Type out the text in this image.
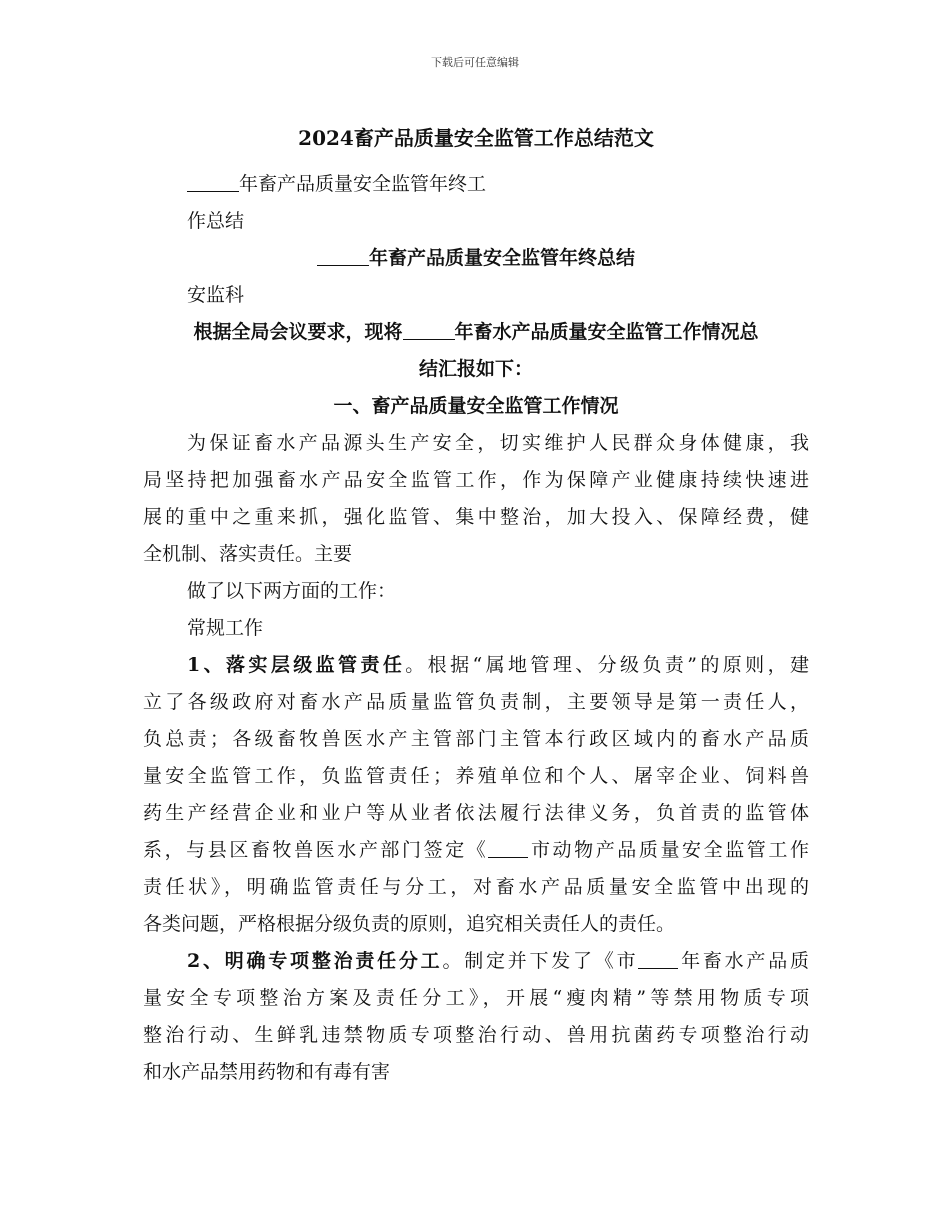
下载后可任意编辑
2024畜产品质量安全监管工作总结范文
年畜产品质量安全监管年终工
作总结
年畜产品质量安全监管年终总结
安监科
根据全局会议要求，现将	年畜水产品质量安全监管工作情况总
结汇报如下：
一、畜产品质量安全监管工作情况
为保证畜水产品源头生产安全，切实维护人民群众身体健康，我
局坚持把加强畜水产品安全监管工作，作为保障产业健康持续快速进
展的重中之重来抓，强化监管、集中整治，加大投入、保障经费，健
全机制、落实责任。主要
做了以下两方面的工作：
常规工作
1、落实层级监管责任。根据“属地管理、分级负责”的原则，建
立了各级政府对畜水产品质量监管负责制，主要领导是第一责任人，
负总责；各级畜牧兽医水产主管部门主管本行政区域内的畜水产品质
量安全监管工作，负监管责任；养殖单位和个人、屠宰企业、饲料兽
药生产经营企业和业户等从业者依法履行法律义务，负首责的监管体
系，与县区畜牧兽医水产部门签定《 市动物产品质量安全监管工作
责任状》，明确监管责任与分工，对畜水产品质量安全监管中出现的
各类问题，严格根据分级负责的原则，追究相关责任人的责任。
2、明确专项整治责任分工。制定并下发了《市 年畜水产品质
量安全专项整治方案及责任分工》，开展“瘦肉精”等禁用物质专项
整治行动、生鲜乳违禁物质专项整治行动、兽用抗菌药专项整治行动
和水产品禁用药物和有毒有害
